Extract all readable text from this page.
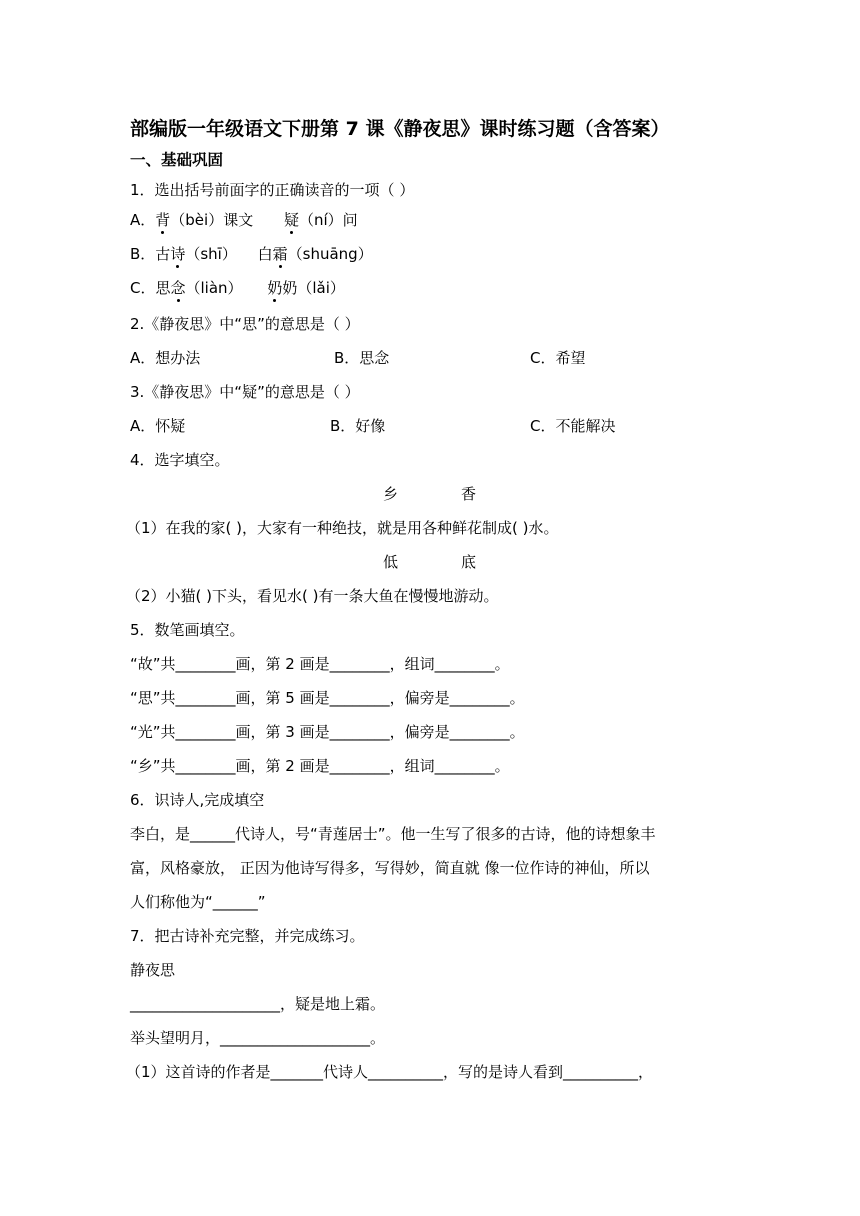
部编版一年级语文下册第 7 课《静夜思》课时练习题（含答案）
一、基础巩固
1．选出括号前面字的正确读音的一项（ ）
A．背（bèi）课文 疑（ní）问
B．古诗（shī） 白霜（shuāng）
C．思念（liàn） 奶奶（lǎi）
2.《静夜思》中“思”的意思是（ ）
A．想办法	B．思念	C．希望
3.《静夜思》中“疑”的意思是（ ）
A．怀疑	B．好像	C．不能解决
4．选字填空。
乡	香
（1）在我的家( )，大家有一种绝技，就是用各种鲜花制成( )水。
低	底
（2）小猫( )下头，看见水( )有一条大鱼在慢慢地游动。
5．数笔画填空。
“故”共________画，第 2 画是________，组词________。
“思”共________画，第 5 画是________，偏旁是________。
“光”共________画，第 3 画是________，偏旁是________。
“乡”共________画，第 2 画是________，组词________。
6．识诗人,完成填空
李白，是______代诗人，号“青莲居士”。他一生写了很多的古诗，他的诗想象丰
富，风格豪放， 正因为他诗写得多，写得妙，简直就 像一位作诗的神仙，所以
人们称他为“______”
7．把古诗补充完整，并完成练习。
静夜思
____________________，疑是地上霜。
举头望明月，____________________。
（1）这首诗的作者是_______代诗人__________，写的是诗人看到__________，
